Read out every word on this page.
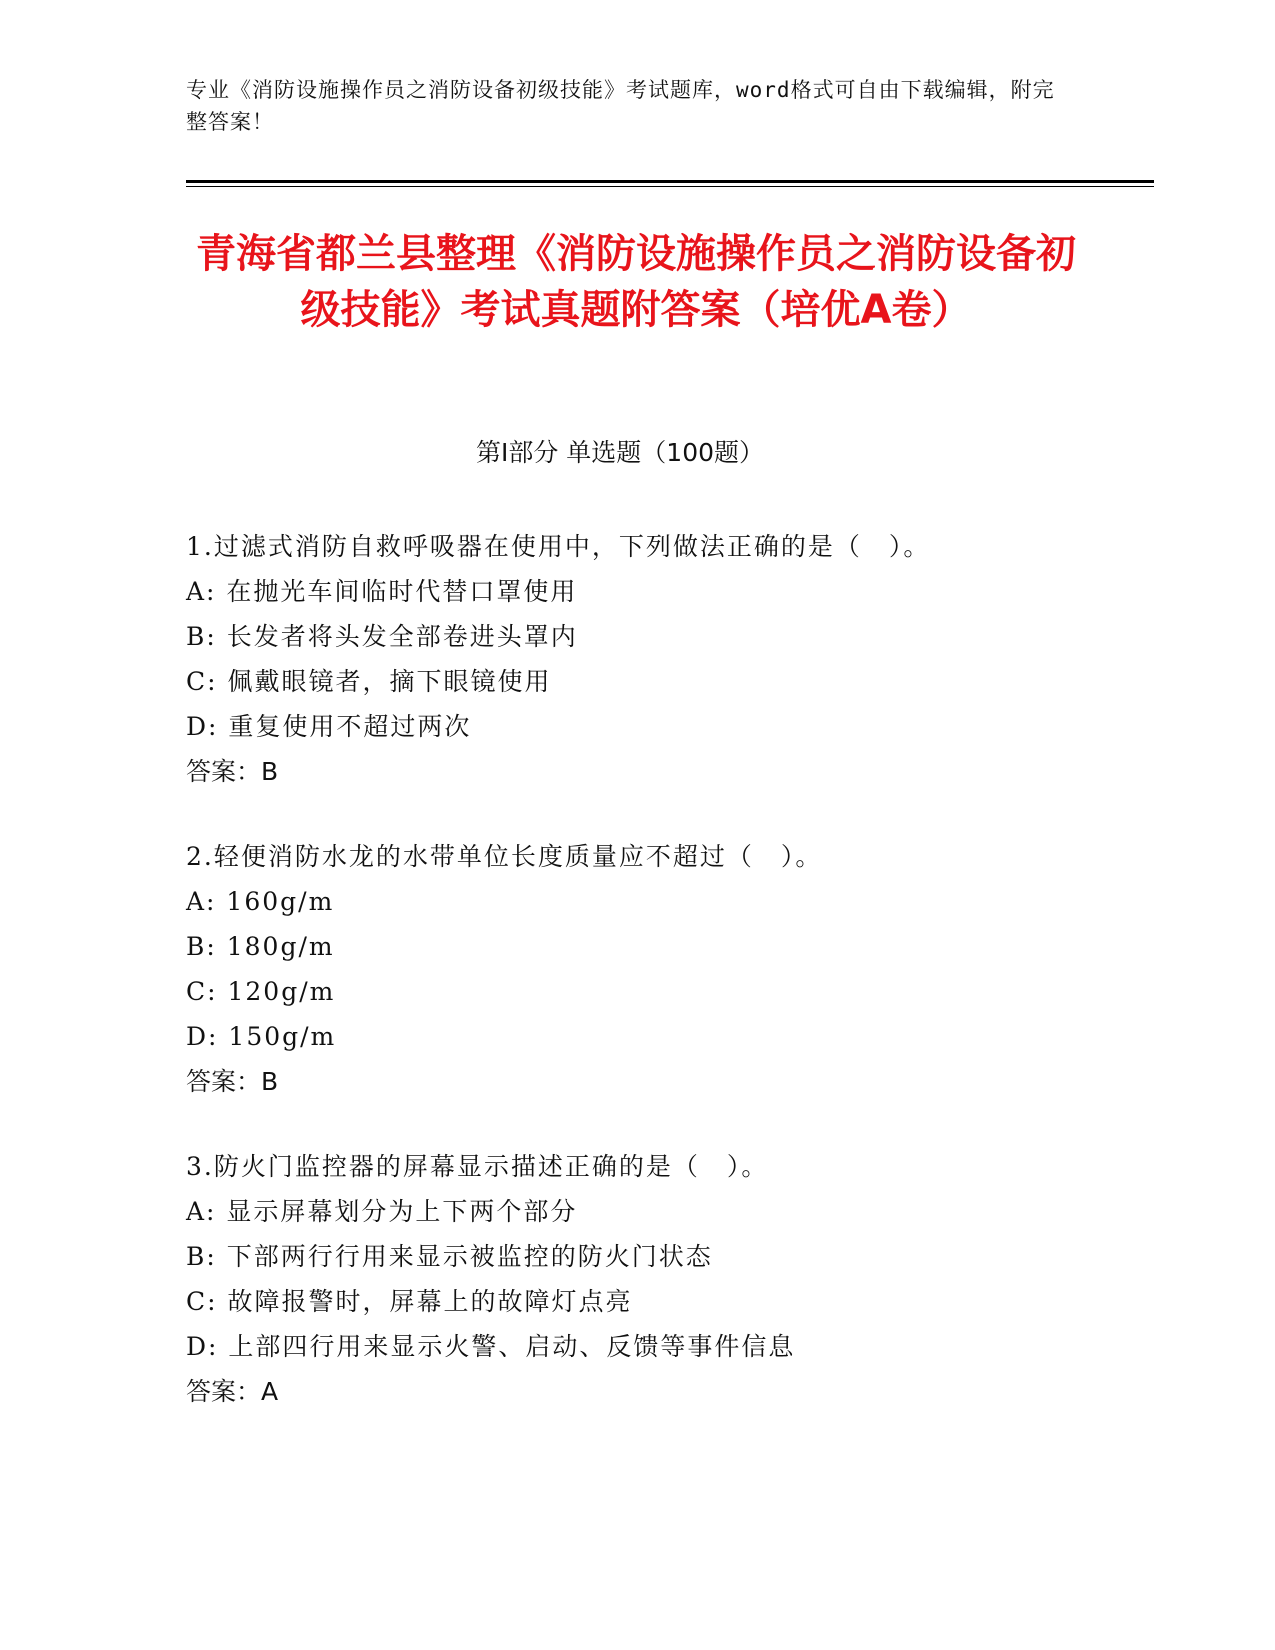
专业《消防设施操作员之消防设备初级技能》考试题库，word格式可自由下载编辑，附完整答案！
青海省都兰县整理《消防设施操作员之消防设备初级技能》考试真题附答案（培优A卷）
第Ⅰ部分 单选题（100题）
1.过滤式消防自救呼吸器在使用中，下列做法正确的是（　）。
A: 在抛光车间临时代替口罩使用
B: 长发者将头发全部卷进头罩内
C: 佩戴眼镜者，摘下眼镜使用
D: 重复使用不超过两次
答案：B
2.轻便消防水龙的水带单位长度质量应不超过（　）。
A: 160g/m
B: 180g/m
C: 120g/m
D: 150g/m
答案：B
3.防火门监控器的屏幕显示描述正确的是（　）。
A: 显示屏幕划分为上下两个部分
B: 下部两行行用来显示被监控的防火门状态
C: 故障报警时，屏幕上的故障灯点亮
D: 上部四行用来显示火警、启动、反馈等事件信息
答案：A
